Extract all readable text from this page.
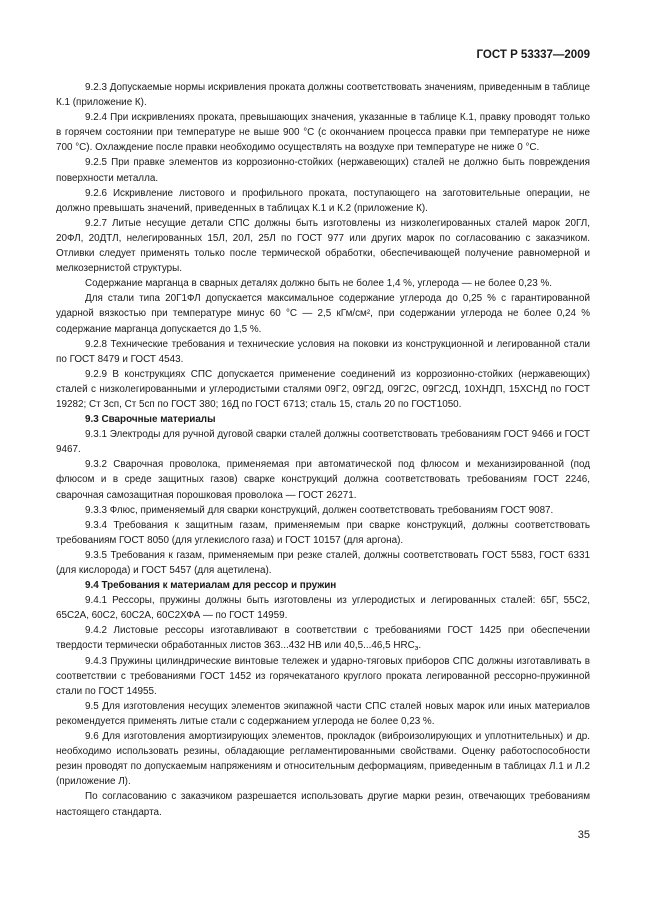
ГОСТ Р 53337—2009

9.2.3 Допускаемые нормы искривления проката должны соответствовать значениям, приведенным в таблице К.1 (приложение К).

9.2.4 При искривлениях проката, превышающих значения, указанные в таблице К.1, правку проводят только в горячем состоянии при температуре не выше 900 °С (с окончанием процесса правки при температуре не ниже 700 °С). Охлаждение после правки необходимо осуществлять на воздухе при температуре не ниже 0 °С.

9.2.5 При правке элементов из коррозионно-стойких (нержавеющих) сталей не должно быть повреждения поверхности металла.

9.2.6 Искривление листового и профильного проката, поступающего на заготовительные операции, не должно превышать значений, приведенных в таблицах К.1 и К.2 (приложение К).

9.2.7 Литые несущие детали СПС должны быть изготовлены из низколегированных сталей марок 20ГЛ, 20ФЛ, 20ДТЛ, нелегированных 15Л, 20Л, 25Л по ГОСТ 977 или других марок по согласованию с заказчиком. Отливки следует применять только после термической обработки, обеспечивающей получение равномерной и мелкозернистой структуры.

Содержание марганца в сварных деталях должно быть не более 1,4 %, углерода — не более 0,23 %.

Для стали типа 20Г1ФЛ допускается максимальное содержание углерода до 0,25 % с гарантированной ударной вязкостью при температуре минус 60 °С — 2,5 кГм/см², при содержании углерода не более 0,24 % содержание марганца допускается до 1,5 %.

9.2.8 Технические требования и технические условия на поковки из конструкционной и легированной стали по ГОСТ 8479 и ГОСТ 4543.

9.2.9 В конструкциях СПС допускается применение соединений из коррозионно-стойких (нержавеющих) сталей с низколегированными и углеродистыми сталями 09Г2, 09Г2Д, 09Г2С, 09Г2СД, 10ХНДП, 15ХСНД по ГОСТ 19282; Ст 3сп, Ст 5сп по ГОСТ 380; 16Д по ГОСТ 6713; сталь 15, сталь 20 по ГОСТ1050.

9.3 Сварочные материалы

9.3.1 Электроды для ручной дуговой сварки сталей должны соответствовать требованиям ГОСТ 9466 и ГОСТ 9467.

9.3.2 Сварочная проволока, применяемая при автоматической под флюсом и механизированной (под флюсом и в среде защитных газов) сварке конструкций должна соответствовать требованиям ГОСТ 2246, сварочная самозащитная порошковая проволока — ГОСТ 26271.

9.3.3 Флюс, применяемый для сварки конструкций, должен соответствовать требованиям ГОСТ 9087.

9.3.4 Требования к защитным газам, применяемым при сварке конструкций, должны соответствовать требованиям ГОСТ 8050 (для углекислого газа) и ГОСТ 10157 (для аргона).

9.3.5 Требования к газам, применяемым при резке сталей, должны соответствовать ГОСТ 5583, ГОСТ 6331 (для кислорода) и ГОСТ 5457 (для ацетилена).

9.4 Требования к материалам для рессор и пружин

9.4.1 Рессоры, пружины должны быть изготовлены из углеродистых и легированных сталей: 65Г, 55С2, 65С2А, 60С2, 60С2А, 60С2ХФА — по ГОСТ 14959.

9.4.2 Листовые рессоры изготавливают в соответствии с требованиями ГОСТ 1425 при обеспечении твердости термически обработанных листов 363...432 НВ или 40,5...46,5 $HRC_э$.

9.4.3 Пружины цилиндрические винтовые тележек и ударно-тяговых приборов СПС должны изготавливать в соответствии с требованиями ГОСТ 1452 из горячекатаного круглого проката легированной рессорно-пружинной стали по ГОСТ 14955.

9.5 Для изготовления несущих элементов экипажной части СПС сталей новых марок или иных материалов рекомендуется применять литые стали с содержанием углерода не более 0,23 %.

9.6 Для изготовления амортизирующих элементов, прокладок (виброизолирующих и уплотнительных) и др. необходимо использовать резины, обладающие регламентированными свойствами. Оценку работоспособности резин проводят по допускаемым напряжениям и относительным деформациям, приведенным в таблицах Л.1 и Л.2 (приложение Л).

По согласованию с заказчиком разрешается использовать другие марки резин, отвечающих требованиям настоящего стандарта.

35
